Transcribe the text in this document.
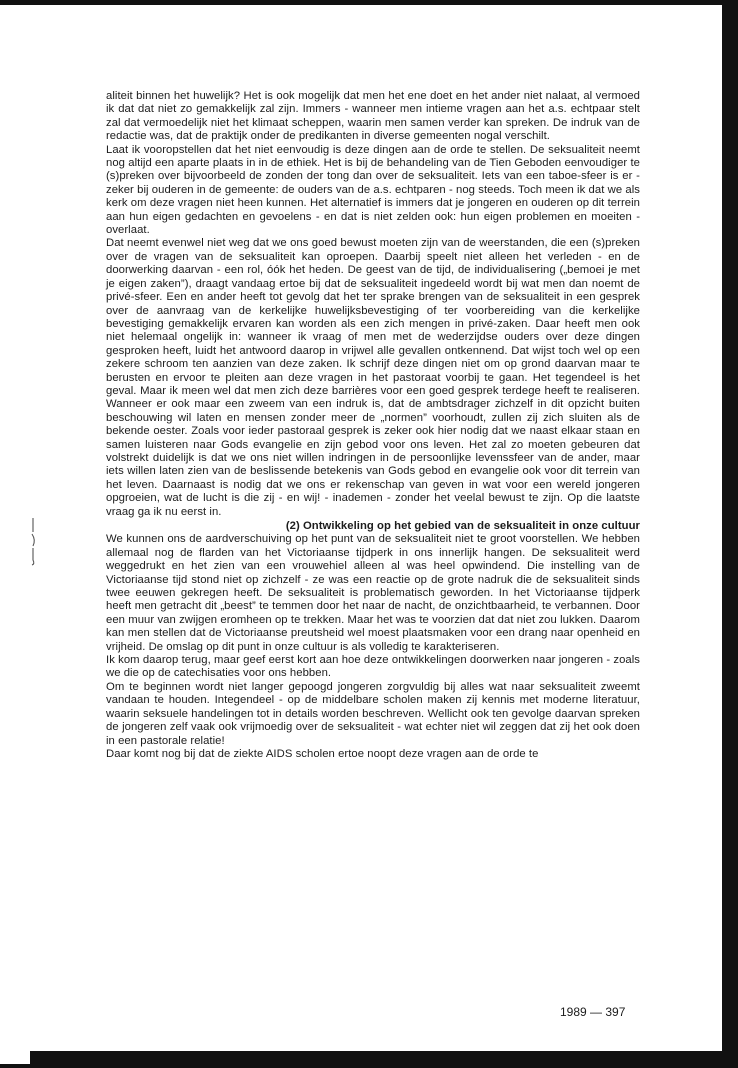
aliteit binnen het huwelijk? Het is ook mogelijk dat men het ene doet en het ander niet nalaat, al vermoed ik dat dat niet zo gemakkelijk zal zijn. Immers - wanneer men intieme vragen aan het a.s. echtpaar stelt zal dat vermoedelijk niet het klimaat scheppen, waarin men samen verder kan spreken. De indruk van de redactie was, dat de praktijk onder de predikanten in diverse gemeenten nogal verschilt.

Laat ik vooropstellen dat het niet eenvoudig is deze dingen aan de orde te stellen. De seksualiteit neemt nog altijd een aparte plaats in in de ethiek. Het is bij de behandeling van de Tien Geboden eenvoudiger te (s)preken over bijvoorbeeld de zonden der tong dan over de seksualiteit. Iets van een taboe-sfeer is er - zeker bij ouderen in de gemeente: de ouders van de a.s. echtparen - nog steeds. Toch meen ik dat we als kerk om deze vragen niet heen kunnen. Het alternatief is immers dat je jongeren en ouderen op dit terrein aan hun eigen gedachten en gevoelens - en dat is niet zelden ook: hun eigen problemen en moeiten - overlaat.

Dat neemt evenwel niet weg dat we ons goed bewust moeten zijn van de weerstanden, die een (s)preken over de vragen van de seksualiteit kan oproepen. Daarbij speelt niet alleen het verleden - en de doorwerking daarvan - een rol, óók het heden. De geest van de tijd, de individualisering („bemoei je met je eigen zaken”), draagt vandaag ertoe bij dat de seksualiteit ingedeeld wordt bij wat men dan noemt de privé-sfeer. Een en ander heeft tot gevolg dat het ter sprake brengen van de seksualiteit in een gesprek over de aanvraag van de kerkelijke huwelijksbevestiging of ter voorbereiding van die kerkelijke bevestiging gemakkelijk ervaren kan worden als een zich mengen in privé-zaken. Daar heeft men ook niet helemaal ongelijk in: wanneer ik vraag of men met de wederzijdse ouders over deze dingen gesproken heeft, luidt het antwoord daarop in vrijwel alle gevallen ontkennend. Dat wijst toch wel op een zekere schroom ten aanzien van deze zaken. Ik schrijf deze dingen niet om op grond daarvan maar te berusten en ervoor te pleiten aan deze vragen in het pastoraat voorbij te gaan. Het tegendeel is het geval. Maar ik meen wel dat men zich deze barrières voor een goed gesprek terdege heeft te realiseren. Wanneer er ook maar een zweem van een indruk is, dat de ambtsdrager zichzelf in dit opzicht buiten beschouwing wil laten en mensen zonder meer de „normen” voorhoudt, zullen zij zich sluiten als de bekende oester. Zoals voor ieder pastoraal gesprek is zeker ook hier nodig dat we naast elkaar staan en samen luisteren naar Gods evangelie en zijn gebod voor ons leven. Het zal zo moeten gebeuren dat volstrekt duidelijk is dat we ons niet willen indringen in de persoonlijke levenssfeer van de ander, maar iets willen laten zien van de beslissende betekenis van Gods gebod en evangelie ook voor dit terrein van het leven. Daarnaast is nodig dat we ons er rekenschap van geven in wat voor een wereld jongeren opgroeien, wat de lucht is die zij - en wij! - inademen - zonder het veelal bewust te zijn. Op die laatste vraag ga ik nu eerst in.

(2) Ontwikkeling op het gebied van de seksualiteit in onze cultuur

We kunnen ons de aardverschuiving op het punt van de seksualiteit niet te groot voorstellen. We hebben allemaal nog de flarden van het Victoriaanse tijdperk in ons innerlijk hangen. De seksualiteit werd weggedrukt en het zien van een vrouwehiel alleen al was heel opwindend. Die instelling van de Victoriaanse tijd stond niet op zichzelf - ze was een reactie op de grote nadruk die de seksualiteit sinds twee eeuwen gekregen heeft. De seksualiteit is problematisch geworden. In het Victoriaanse tijdperk heeft men getracht dit „beest” te temmen door het naar de nacht, de onzichtbaarheid, te verbannen. Door een muur van zwijgen eromheen op te trekken. Maar het was te voorzien dat dat niet zou lukken. Daarom kan men stellen dat de Victoriaanse preutsheid wel moest plaatsmaken voor een drang naar openheid en vrijheid. De omslag op dit punt in onze cultuur is als volledig te karakteriseren.

Ik kom daarop terug, maar geef eerst kort aan hoe deze ontwikkelingen doorwerken naar jongeren - zoals we die op de catechisaties voor ons hebben.

Om te beginnen wordt niet langer gepoogd jongeren zorgvuldig bij alles wat naar seksualiteit zweemt vandaan te houden. Integendeel - op de middelbare scholen maken zij kennis met moderne literatuur, waarin seksuele handelingen tot in details worden beschreven. Wellicht ook ten gevolge daarvan spreken de jongeren zelf vaak ook vrijmoedig over de seksualiteit - wat echter niet wil zeggen dat zij het ook doen in een pastorale relatie!

Daar komt nog bij dat de ziekte AIDS scholen ertoe noopt deze vragen aan de orde te

1989 — 397
